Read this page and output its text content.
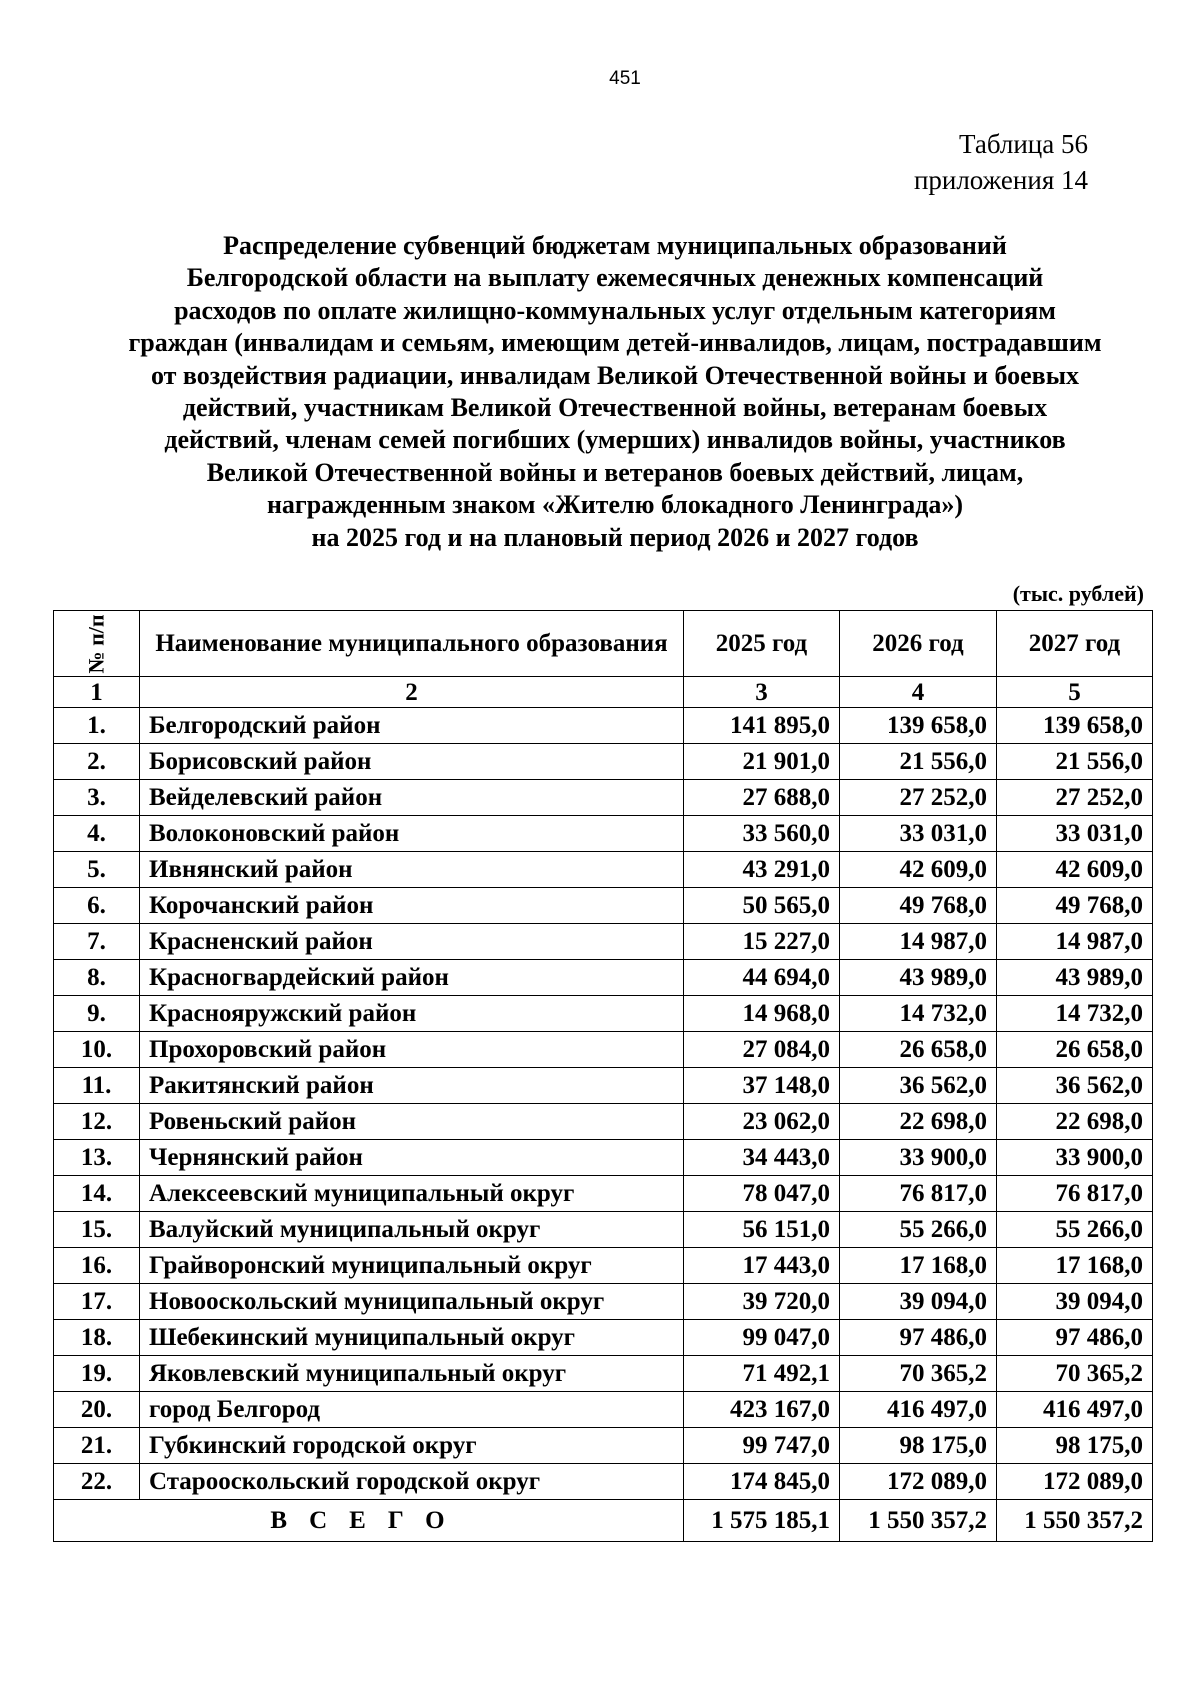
451
Таблица 56
приложения 14
Распределение субвенций бюджетам муниципальных образований
Белгородской области на выплату ежемесячных денежных компенсаций
расходов по оплате жилищно-коммунальных услуг отдельным категориям
граждан (инвалидам и семьям, имеющим детей-инвалидов, лицам, пострадавшим
от воздействия радиации, инвалидам Великой Отечественной войны и боевых
действий, участникам Великой Отечественной войны, ветеранам боевых
действий, членам семей погибших (умерших) инвалидов войны, участников
Великой Отечественной войны и ветеранов боевых действий, лицам,
награжденным знаком «Жителю блокадного Ленинграда»)
на 2025 год и на плановый период 2026 и 2027 годов
(тыс. рублей)
№ п/п	Наименование муниципального образования	2025 год	2026 год	2027 год
1	2	3	4	5
1.	Белгородский район	141 895,0	139 658,0	139 658,0
2.	Борисовский район	21 901,0	21 556,0	21 556,0
3.	Вейделевский район	27 688,0	27 252,0	27 252,0
4.	Волоконовский район	33 560,0	33 031,0	33 031,0
5.	Ивнянский район	43 291,0	42 609,0	42 609,0
6.	Корочанский район	50 565,0	49 768,0	49 768,0
7.	Красненский район	15 227,0	14 987,0	14 987,0
8.	Красногвардейский район	44 694,0	43 989,0	43 989,0
9.	Краснояружский район	14 968,0	14 732,0	14 732,0
10.	Прохоровский район	27 084,0	26 658,0	26 658,0
11.	Ракитянский район	37 148,0	36 562,0	36 562,0
12.	Ровеньский район	23 062,0	22 698,0	22 698,0
13.	Чернянский район	34 443,0	33 900,0	33 900,0
14.	Алексеевский муниципальный округ	78 047,0	76 817,0	76 817,0
15.	Валуйский муниципальный округ	56 151,0	55 266,0	55 266,0
16.	Грайворонский муниципальный округ	17 443,0	17 168,0	17 168,0
17.	Новооскольский муниципальный округ	39 720,0	39 094,0	39 094,0
18.	Шебекинский муниципальный округ	99 047,0	97 486,0	97 486,0
19.	Яковлевский муниципальный округ	71 492,1	70 365,2	70 365,2
20.	город Белгород	423 167,0	416 497,0	416 497,0
21.	Губкинский городской округ	99 747,0	98 175,0	98 175,0
22.	Старооскольский городской округ	174 845,0	172 089,0	172 089,0
ВСЕГО		1 575 185,1	1 550 357,2	1 550 357,2
